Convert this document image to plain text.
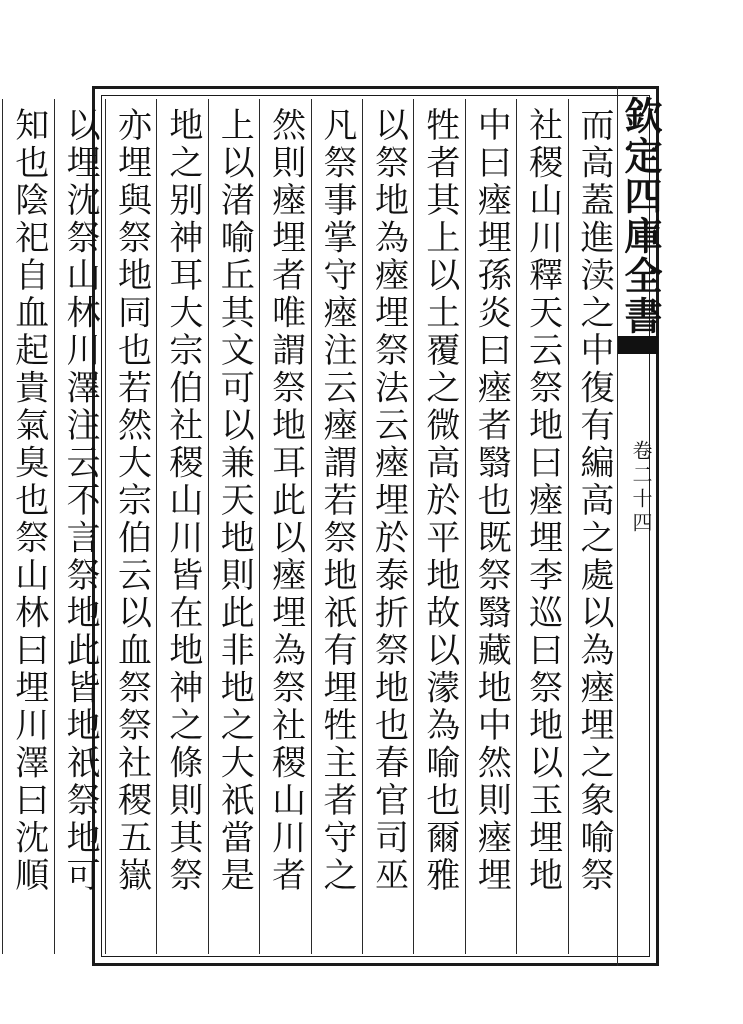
而高蓋進渎之中復有編高之處以為瘞埋之象喻祭
社稷山川釋天云祭地曰瘞埋李巡曰祭地以玉埋地
中曰瘞埋孫炎曰瘞者翳也既祭翳藏地中然則瘞埋
牲者其上以土覆之微高於平地故以濛為喻也爾雅
以祭地為瘞埋祭法云瘞埋於泰折祭地也春官司巫
凡祭事掌守瘞注云瘞謂若祭地祇有埋牲主者守之
然則瘞埋者唯謂祭地耳此以瘞埋為祭社稷山川者
上以渚喻丘其文可以兼天地則此非地之大祇當是
地之别神耳大宗伯社稷山川皆在地神之條則其祭
亦埋與祭地同也若然大宗伯云以血祭祭社稷五嶽
以埋沈祭山林川澤注云不言祭地此皆地祇祭地可
知也陰祀自血起貴氣臭也祭山林曰埋川澤曰沈順	欽定四庫全書
卷二十四
